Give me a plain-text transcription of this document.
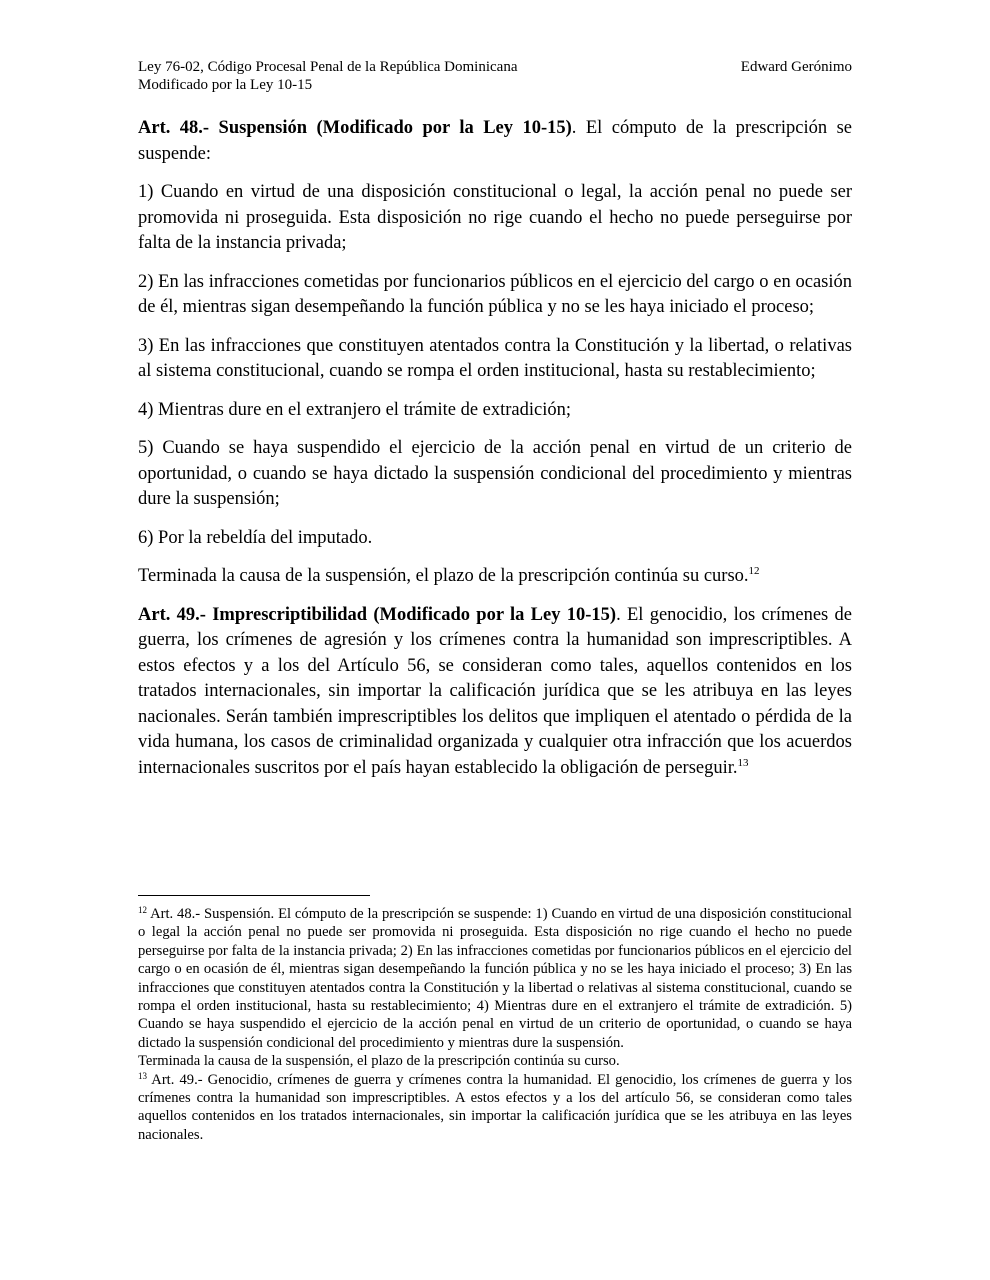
Ley 76-02, Código Procesal Penal de la República Dominicana
Modificado por la Ley 10-15
Edward Gerónimo

Art. 48.- Suspensión (Modificado por la Ley 10-15). El cómputo de la prescripción se suspende:

1) Cuando en virtud de una disposición constitucional o legal, la acción penal no puede ser promovida ni proseguida. Esta disposición no rige cuando el hecho no puede perseguirse por falta de la instancia privada;

2) En las infracciones cometidas por funcionarios públicos en el ejercicio del cargo o en ocasión de él, mientras sigan desempeñando la función pública y no se les haya iniciado el proceso;

3) En las infracciones que constituyen atentados contra la Constitución y la libertad, o relativas al sistema constitucional, cuando se rompa el orden institucional, hasta su restablecimiento;

4) Mientras dure en el extranjero el trámite de extradición;

5) Cuando se haya suspendido el ejercicio de la acción penal en virtud de un criterio de oportunidad, o cuando se haya dictado la suspensión condicional del procedimiento y mientras dure la suspensión;

6) Por la rebeldía del imputado.

Terminada la causa de la suspensión, el plazo de la prescripción continúa su curso.$^{12}$

Art. 49.- Imprescriptibilidad (Modificado por la Ley 10-15). El genocidio, los crímenes de guerra, los crímenes de agresión y los crímenes contra la humanidad son imprescriptibles. A estos efectos y a los del Artículo 56, se consideran como tales, aquellos contenidos en los tratados internacionales, sin importar la calificación jurídica que se les atribuya en las leyes nacionales. Serán también imprescriptibles los delitos que impliquen el atentado o pérdida de la vida humana, los casos de criminalidad organizada y cualquier otra infracción que los acuerdos internacionales suscritos por el país hayan establecido la obligación de perseguir.$^{13}$

$^{12}$ Art. 48.- Suspensión. El cómputo de la prescripción se suspende: 1) Cuando en virtud de una disposición constitucional o legal la acción penal no puede ser promovida ni proseguida. Esta disposición no rige cuando el hecho no puede perseguirse por falta de la instancia privada; 2) En las infracciones cometidas por funcionarios públicos en el ejercicio del cargo o en ocasión de él, mientras sigan desempeñando la función pública y no se les haya iniciado el proceso; 3) En las infracciones que constituyen atentados contra la Constitución y la libertad o relativas al sistema constitucional, cuando se rompa el orden institucional, hasta su restablecimiento; 4) Mientras dure en el extranjero el trámite de extradición. 5) Cuando se haya suspendido el ejercicio de la acción penal en virtud de un criterio de oportunidad, o cuando se haya dictado la suspensión condicional del procedimiento y mientras dure la suspensión.

Terminada la causa de la suspensión, el plazo de la prescripción continúa su curso.

$^{13}$ Art. 49.- Genocidio, crímenes de guerra y crímenes contra la humanidad. El genocidio, los crímenes de guerra y los crímenes contra la humanidad son imprescriptibles. A estos efectos y a los del artículo 56, se consideran como tales aquellos contenidos en los tratados internacionales, sin importar la calificación jurídica que se les atribuya en las leyes nacionales.
